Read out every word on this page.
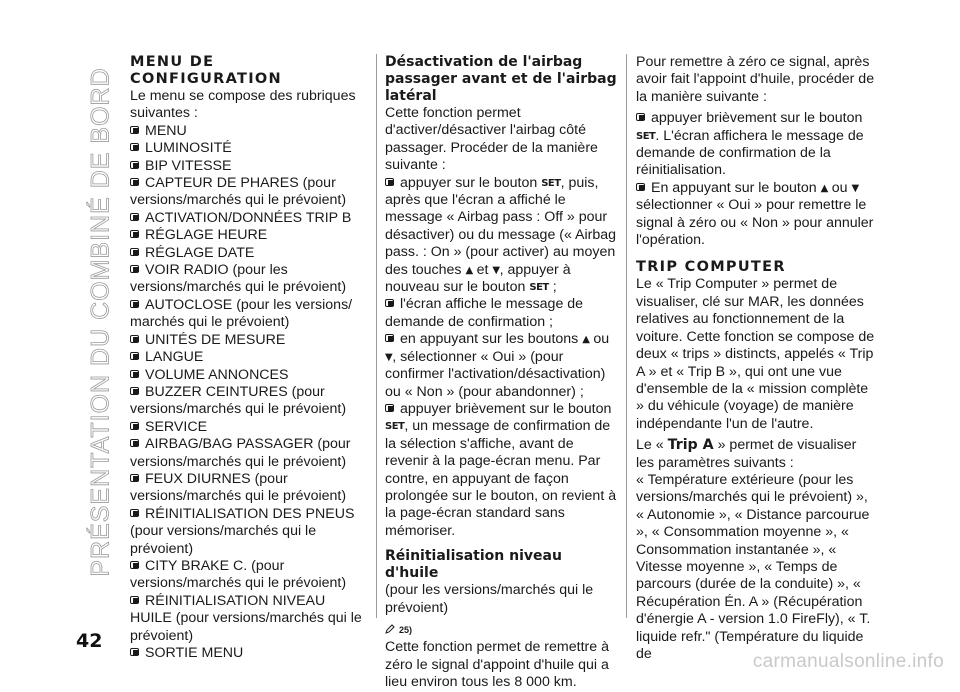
PRÉSENTATION DU COMBINÉ DE BORD

MENU DE CONFIGURATION

Le menu se compose des rubriques suivantes :

MENU
LUMINOSITÉ
BIP VITESSE
CAPTEUR DE PHARES (pour versions/marchés qui le prévoient)
ACTIVATION/DONNÉES TRIP B
RÉGLAGE HEURE
RÉGLAGE DATE
VOIR RADIO (pour les versions/marchés qui le prévoient)
AUTOCLOSE (pour les versions/ marchés qui le prévoient)
UNITÉS DE MESURE
LANGUE
VOLUME ANNONCES
BUZZER CEINTURES (pour versions/marchés qui le prévoient)
SERVICE
AIRBAG/BAG PASSAGER (pour versions/marchés qui le prévoient)
FEUX DIURNES (pour versions/marchés qui le prévoient)
RÉINITIALISATION DES PNEUS (pour versions/marchés qui le prévoient)
CITY BRAKE C. (pour versions/marchés qui le prévoient)
RÉINITIALISATION NIVEAU HUILE (pour versions/marchés qui le prévoient)
SORTIE MENU

Désactivation de l'airbag passager avant et de l'airbag latéral

Cette fonction permet d'activer/désactiver l'airbag côté passager. Procéder de la manière suivante :

appuyer sur le bouton SET, puis, après que l'écran a affiché le message « Airbag pass : Off » pour désactiver) ou du message (« Airbag pass. : On » (pour activer) au moyen des touches ▲ et ▼, appuyer à nouveau sur le bouton SET ;

l'écran affiche le message de demande de confirmation ;

en appuyant sur les boutons ▲ ou ▼, sélectionner « Oui » (pour confirmer l'activation/désactivation) ou « Non » (pour abandonner) ;

appuyer brièvement sur le bouton SET, un message de confirmation de la sélection s'affiche, avant de revenir à la page-écran menu. Par contre, en appuyant de façon prolongée sur le bouton, on revient à la page-écran standard sans mémoriser.

Réinitialisation niveau d'huile

(pour les versions/marchés qui le prévoient)

25)

Cette fonction permet de remettre à zéro le signal d'appoint d'huile qui a lieu environ tous les 8 000 km.

Pour remettre à zéro ce signal, après avoir fait l'appoint d'huile, procéder de la manière suivante :

appuyer brièvement sur le bouton SET. L'écran affichera le message de demande de confirmation de la réinitialisation.

En appuyant sur le bouton ▲ ou ▼ sélectionner « Oui » pour remettre le signal à zéro ou « Non » pour annuler l'opération.

TRIP COMPUTER

Le « Trip Computer » permet de visualiser, clé sur MAR, les données relatives au fonctionnement de la voiture. Cette fonction se compose de deux « trips » distincts, appelés « Trip A » et « Trip B », qui ont une vue d'ensemble de la « mission complète » du véhicule (voyage) de manière indépendante l'un de l'autre.

Le « Trip A » permet de visualiser les paramètres suivants :

« Température extérieure (pour les versions/marchés qui le prévoient) », « Autonomie », « Distance parcourue », « Consommation moyenne », « Consommation instantanée », « Vitesse moyenne », « Temps de parcours (durée de la conduite) », « Récupération Én. A » (Récupération d'énergie A - version 1.0 FireFly), « T. liquide refr." (Température du liquide de

42
carmanualsonline.info
